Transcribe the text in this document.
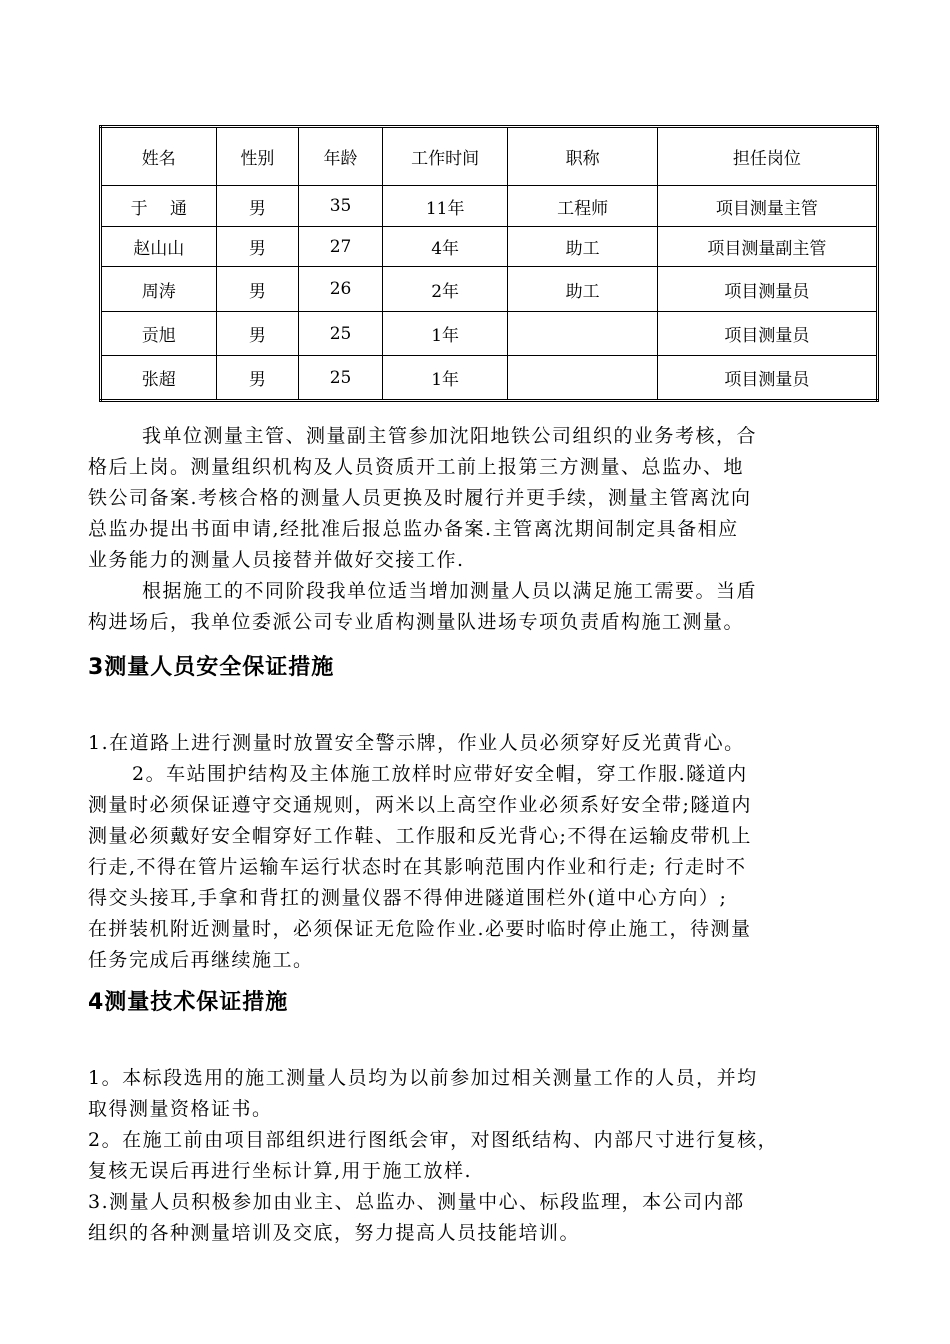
姓名	性别	年龄	工作时间	职称	担任岗位
于　 通	男	35	11年	工程师	项目测量主管
赵山山	男	27	4年	助工	项目测量副主管
周涛	男	26	2年	助工	项目测量员
贡旭	男	25	1年		项目测量员
张超	男	25	1年		项目测量员

我单位测量主管、测量副主管参加沈阳地铁公司组织的业务考核，合

格后上岗。测量组织机构及人员资质开工前上报第三方测量、总监办、地

铁公司备案.考核合格的测量人员更换及时履行并更手续，测量主管离沈向

总监办提出书面申请,经批准后报总监办备案.主管离沈期间制定具备相应

业务能力的测量人员接替并做好交接工作.

根据施工的不同阶段我单位适当增加测量人员以满足施工需要。当盾

构进场后，我单位委派公司专业盾构测量队进场专项负责盾构施工测量。

3测量人员安全保证措施

1.在道路上进行测量时放置安全警示牌，作业人员必须穿好反光黄背心。

2。车站围护结构及主体施工放样时应带好安全帽，穿工作服.隧道内

测量时必须保证遵守交通规则，两米以上高空作业必须系好安全带;隧道内

测量必须戴好安全帽穿好工作鞋、工作服和反光背心;不得在运输皮带机上

行走,不得在管片运输车运行状态时在其影响范围内作业和行走; 行走时不

得交头接耳,手拿和背扛的测量仪器不得伸进隧道围栏外(道中心方向）;

在拼装机附近测量时，必须保证无危险作业.必要时临时停止施工，待测量

任务完成后再继续施工。

4测量技术保证措施

1。本标段选用的施工测量人员均为以前参加过相关测量工作的人员，并均

取得测量资格证书。

2。在施工前由项目部组织进行图纸会审，对图纸结构、内部尺寸进行复核，

复核无误后再进行坐标计算,用于施工放样.

3.测量人员积极参加由业主、总监办、测量中心、标段监理，本公司内部

组织的各种测量培训及交底，努力提高人员技能培训。
